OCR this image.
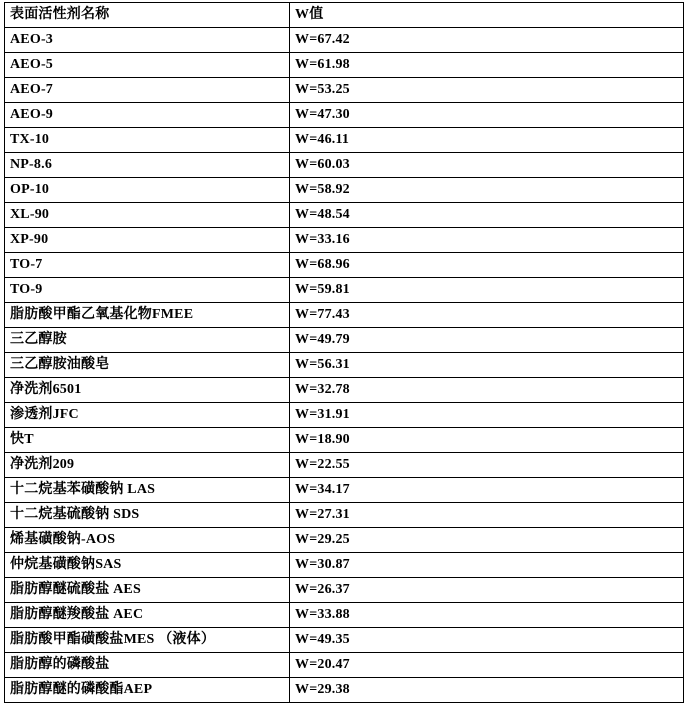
表面活性剂名称	W值
AEO-3	W=67.42
AEO-5	W=61.98
AEO-7	W=53.25
AEO-9	W=47.30
TX-10	W=46.11
NP-8.6	W=60.03
OP-10	W=58.92
XL-90	W=48.54
XP-90	W=33.16
TO-7	W=68.96
TO-9	W=59.81
脂肪酸甲酯乙氧基化物FMEE	W=77.43
三乙醇胺	W=49.79
三乙醇胺油酸皂	W=56.31
净洗剂6501	W=32.78
渗透剂JFC	W=31.91
快T	W=18.90
净洗剂209	W=22.55
十二烷基苯磺酸钠 LAS	W=34.17
十二烷基硫酸钠 SDS	W=27.31
烯基磺酸钠-AOS	W=29.25
仲烷基磺酸钠SAS	W=30.87
脂肪醇醚硫酸盐 AES	W=26.37
脂肪醇醚羧酸盐 AEC	W=33.88
脂肪酸甲酯磺酸盐MES （液体）	W=49.35
脂肪醇的磷酸盐	W=20.47
脂肪醇醚的磷酸酯AEP	W=29.38
